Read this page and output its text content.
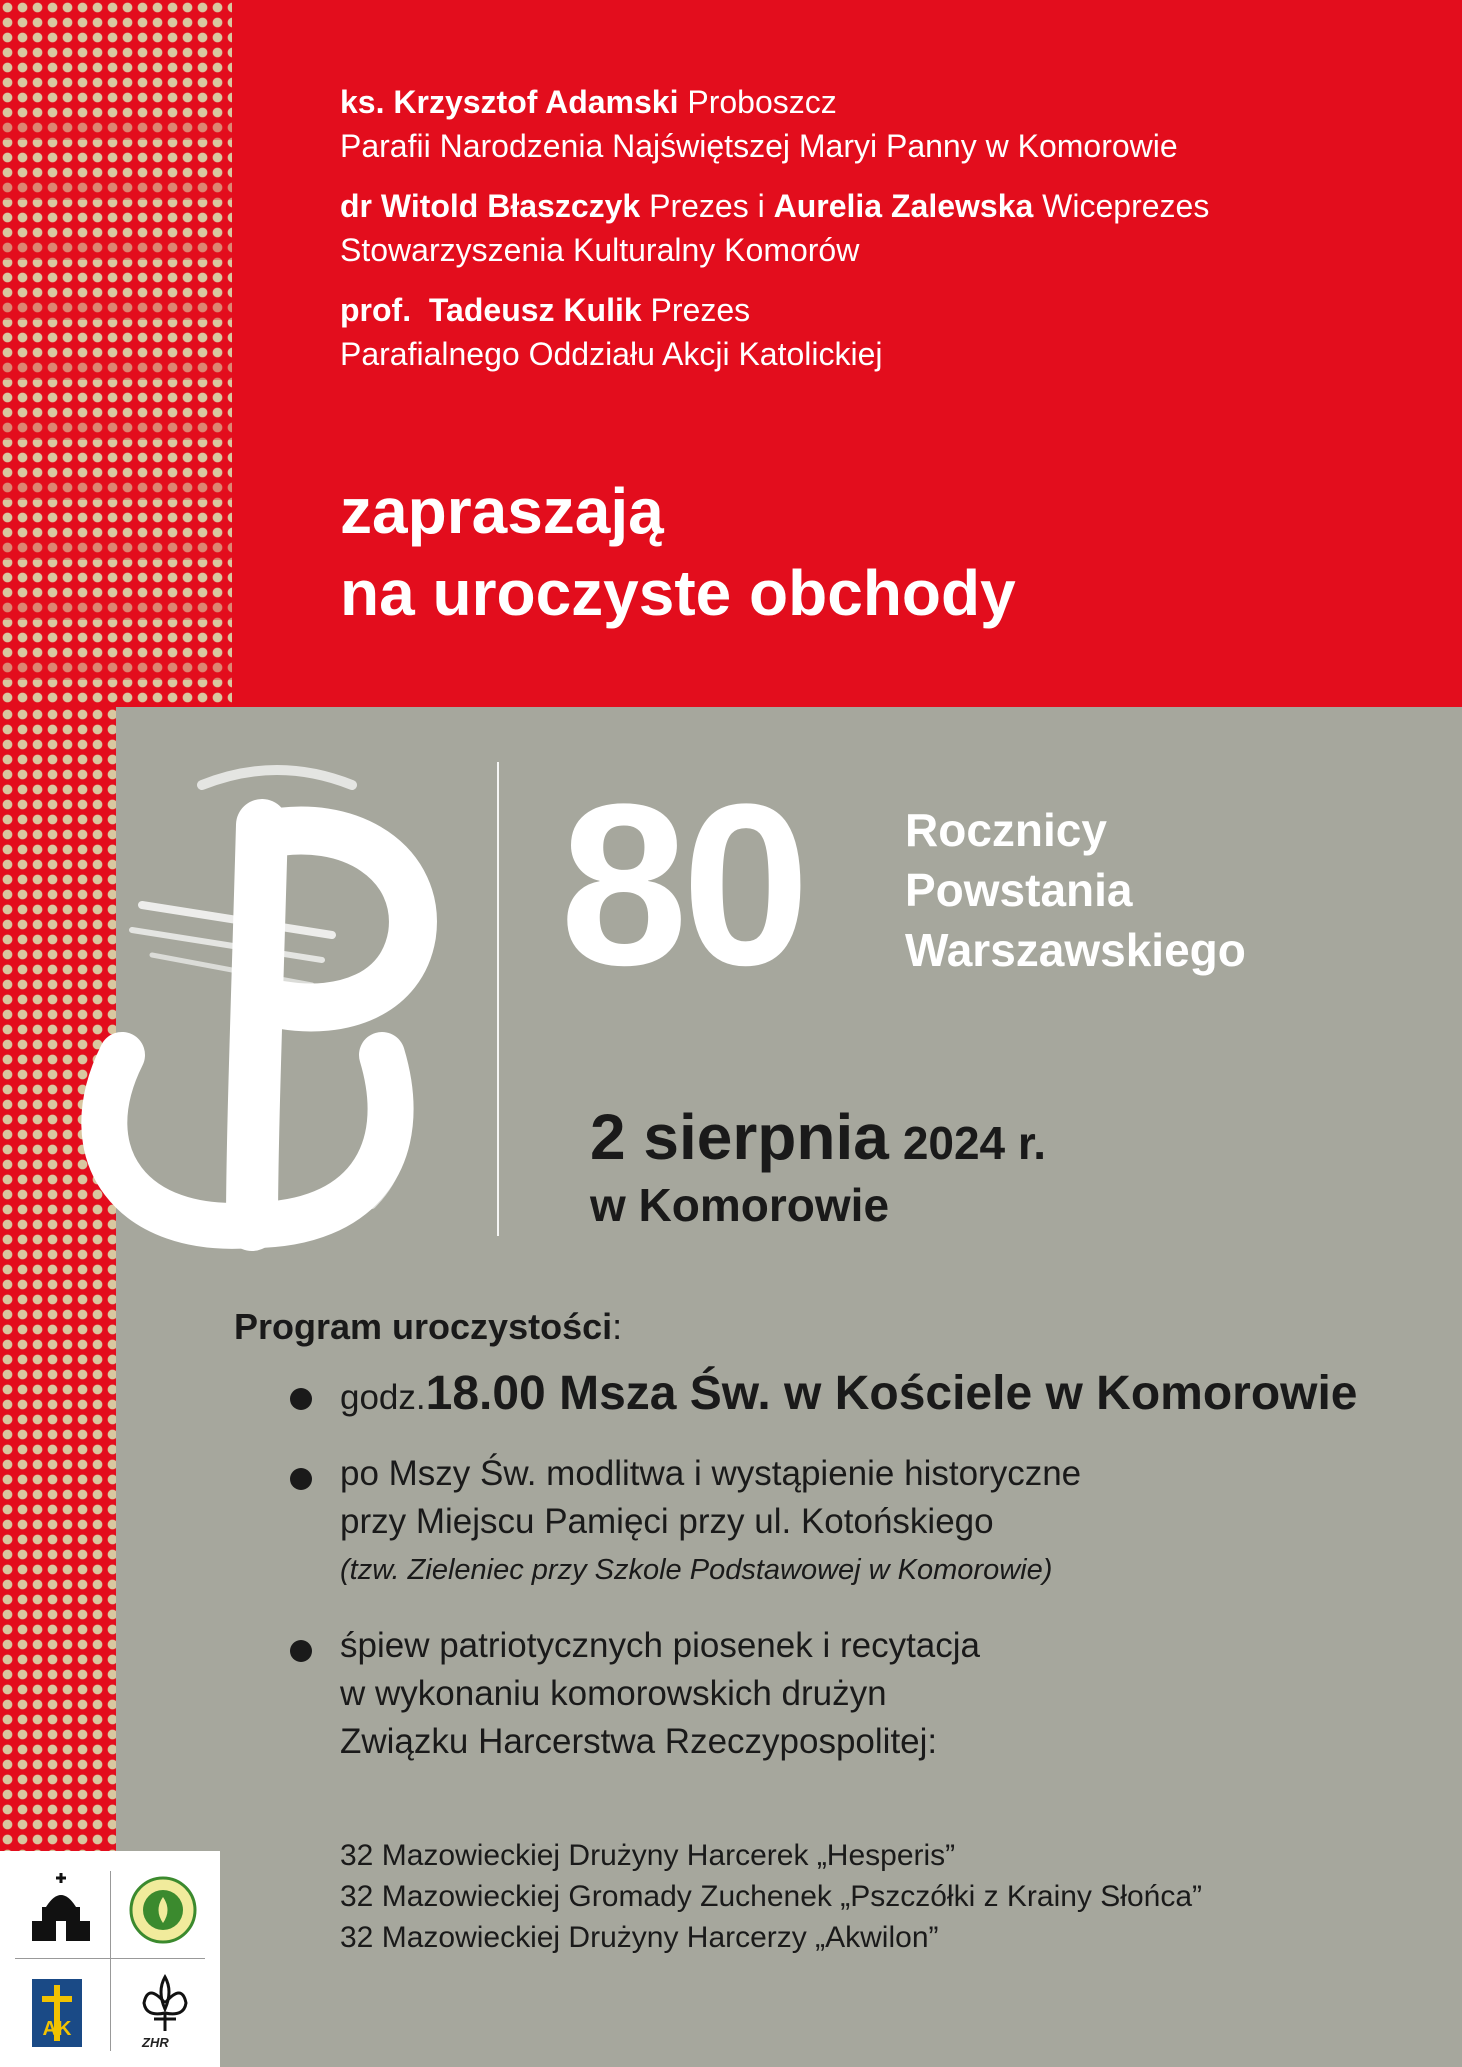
ks. Krzysztof Adamski Proboszcz
Parafii Narodzenia Najświętszej Maryi Panny w Komorowie
dr Witold Błaszczyk Prezes i Aurelia Zalewska Wiceprezes
Stowarzyszenia Kulturalny Komorów
prof.  Tadeusz Kulik Prezes
Parafialnego Oddziału Akcji Katolickiej
zapraszają
na uroczyste obchody
80 Rocznicy
Powstania
Warszawskiego
2 sierpnia 2024 r.
w Komorowie
Program uroczystości:
godz.18.00 Msza Św. w Kościele w Komorowie
po Mszy Św. modlitwa i wystąpienie historyczne
przy Miejscu Pamięci przy ul. Kotońskiego
(tzw. Zieleniec przy Szkole Podstawowej w Komorowie)
śpiew patriotycznych piosenek i recytacja
w wykonaniu komorowskich drużyn
Związku Harcerstwa Rzeczypospolitej:
32 Mazowieckiej Drużyny Harcerek „Hesperis”
32 Mazowieckiej Gromady Zuchenek „Pszczółki z Krainy Słońca”
32 Mazowieckiej Drużyny Harcerzy „Akwilon”
AK
ZHR
